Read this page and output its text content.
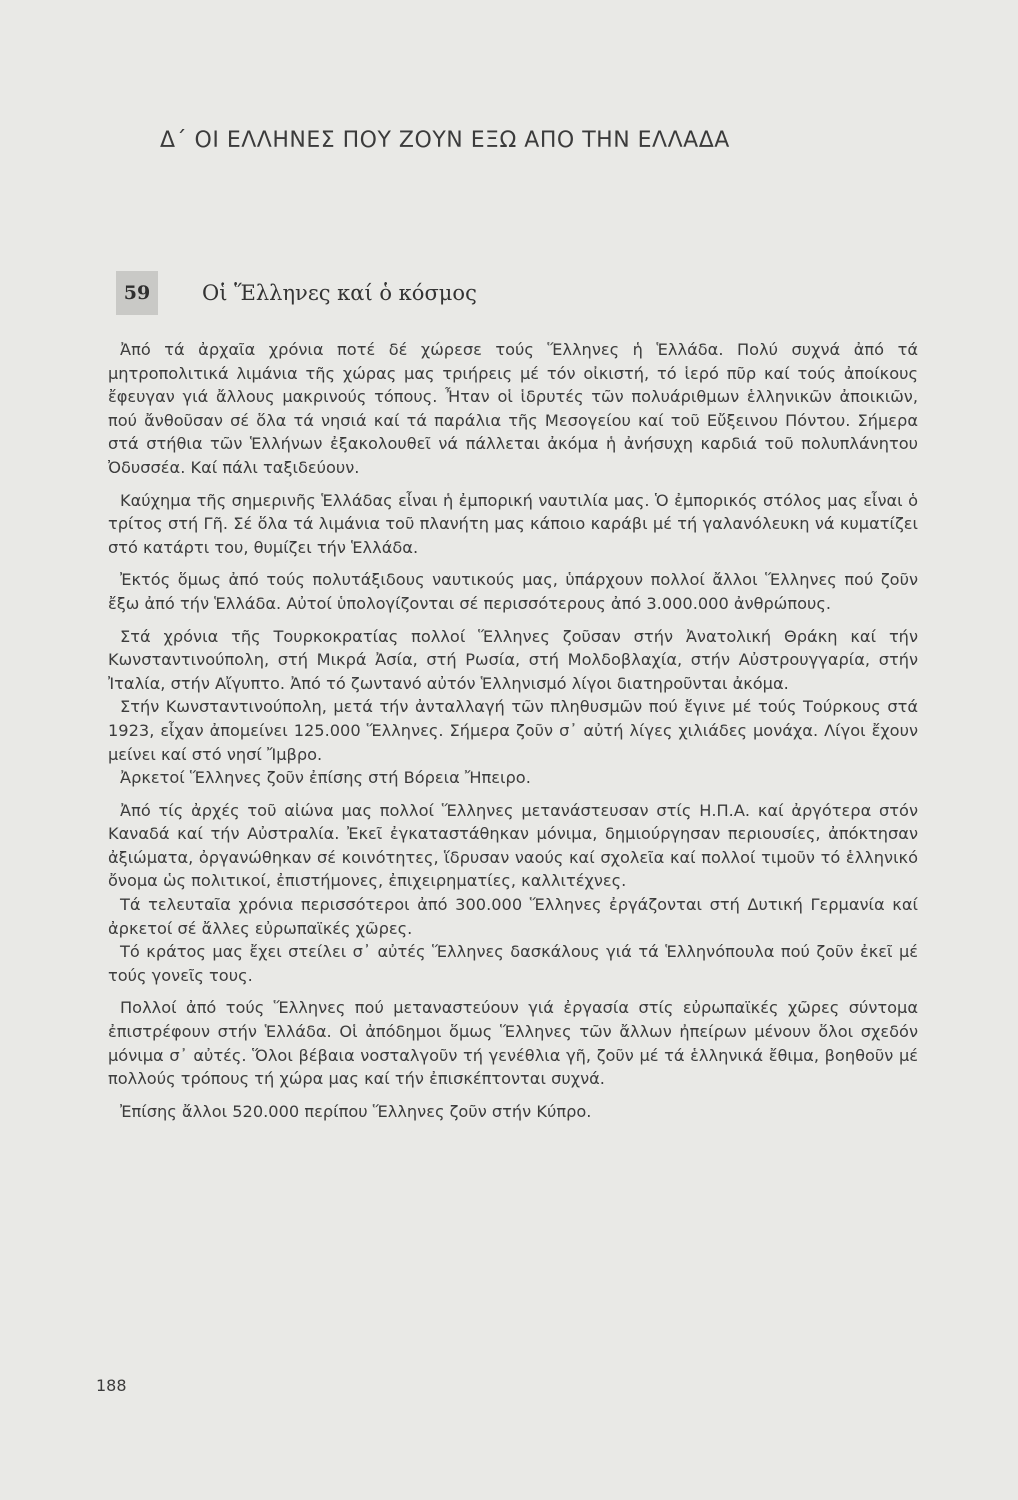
Δ΄ ΟΙ ΕΛΛΗΝΕΣ ΠΟΥ ΖΟΥΝ ΕΞΩ ΑΠΟ ΤΗΝ ΕΛΛΑΔΑ
59	Οἱ Ἕλληνες καί ὁ κόσμος

Ἀπό τά ἀρχαῖα χρόνια ποτέ δέ χώρεσε τούς Ἕλληνες ἡ Ἑλλάδα. Πολύ συχνά ἀπό τά μητροπολιτικά λιμάνια τῆς χώρας μας τριήρεις μέ τόν οἰκιστή, τό ἱερό πῦρ καί τούς ἀποίκους ἔφευγαν γιά ἄλλους μακρινούς τόπους. Ἦταν οἱ ἱδρυτές τῶν πολυάριθμων ἑλληνικῶν ἀποικιῶν, πού ἄνθοῦσαν σέ ὅλα τά νησιά καί τά παράλια τῆς Μεσογείου καί τοῦ Εὔξεινου Πόντου. Σήμερα στά στήθια τῶν Ἑλλήνων ἐξακολουθεῖ νά πάλλεται ἀκόμα ἡ ἀνήσυχη καρδιά τοῦ πολυπλάνητου Ὀδυσσέα. Καί πάλι ταξιδεύουν.

Καύχημα τῆς σημερινῆς Ἑλλάδας εἶναι ἡ ἐμπορική ναυτιλία μας. Ὁ ἐμπορικός στόλος μας εἶναι ὁ τρίτος στή Γῆ. Σέ ὅλα τά λιμάνια τοῦ πλανήτη μας κάποιο καράβι μέ τή γαλανόλευκη νά κυματίζει στό κατάρτι του, θυμίζει τήν Ἑλλάδα.

Ἐκτός ὅμως ἀπό τούς πολυτάξιδους ναυτικούς μας, ὑπάρχουν πολλοί ἄλλοι Ἕλληνες πού ζοῦν ἔξω ἀπό τήν Ἑλλάδα. Αὐτοί ὑπολογίζονται σέ περισσότερους ἀπό 3.000.000 ἀνθρώπους.

Στά χρόνια τῆς Τουρκοκρατίας πολλοί Ἕλληνες ζοῦσαν στήν Ἀνατολική Θράκη καί τήν Κωνσταντινούπολη, στή Μικρά Ἀσία, στή Ρωσία, στή Μολδοβλαχία, στήν Αὐστρουγγαρία, στήν Ἰταλία, στήν Αἴγυπτο. Ἀπό τό ζωντανό αὐτόν Ἑλληνισμό λίγοι διατηροῦνται ἀκόμα.

Στήν Κωνσταντινούπολη, μετά τήν ἀνταλλαγή τῶν πληθυσμῶν πού ἔγινε μέ τούς Τούρκους στά 1923, εἶχαν ἀπομείνει 125.000 Ἕλληνες. Σήμερα ζοῦν σ᾿ αὐτή λίγες χιλιάδες μονάχα. Λίγοι ἔχουν μείνει καί στό νησί Ἴμβρο.

Ἀρκετοί Ἕλληνες ζοῦν ἐπίσης στή Βόρεια Ἤπειρο.

Ἀπό τίς ἀρχές τοῦ αἰώνα μας πολλοί Ἕλληνες μετανάστευσαν στίς Η.Π.Α. καί ἀργότερα στόν Καναδά καί τήν Αὐστραλία. Ἐκεῖ ἐγκαταστάθηκαν μόνιμα, δημιούργησαν περιουσίες, ἀπόκτησαν ἀξιώματα, ὀργανώθηκαν σέ κοινότητες, ἵδρυσαν ναούς καί σχολεῖα καί πολλοί τιμοῦν τό ἑλληνικό ὄνομα ὡς πολιτικοί, ἐπιστήμονες, ἐπιχειρηματίες, καλλιτέχνες.

Τά τελευταῖα χρόνια περισσότεροι ἀπό 300.000 Ἕλληνες ἐργάζονται στή Δυτική Γερμανία καί ἀρκετοί σέ ἄλλες εὐρωπαϊκές χῶρες.

Τό κράτος μας ἔχει στείλει σ᾿ αὐτές Ἕλληνες δασκάλους γιά τά Ἑλληνόπουλα πού ζοῦν ἐκεῖ μέ τούς γονεῖς τους.

Πολλοί ἀπό τούς Ἕλληνες πού μεταναστεύουν γιά ἐργασία στίς εὐρωπαϊκές χῶρες σύντομα ἐπιστρέφουν στήν Ἑλλάδα. Οἱ ἀπόδημοι ὅμως Ἕλληνες τῶν ἄλλων ἠπείρων μένουν ὅλοι σχεδόν μόνιμα σ᾿ αὐτές. Ὅλοι βέβαια νοσταλγοῦν τή γενέθλια γῆ, ζοῦν μέ τά ἑλληνικά ἔθιμα, βοηθοῦν μέ πολλούς τρόπους τή χώρα μας καί τήν ἐπισκέπτονται συχνά.

Ἐπίσης ἄλλοι 520.000 περίπου Ἕλληνες ζοῦν στήν Κύπρο.

188
